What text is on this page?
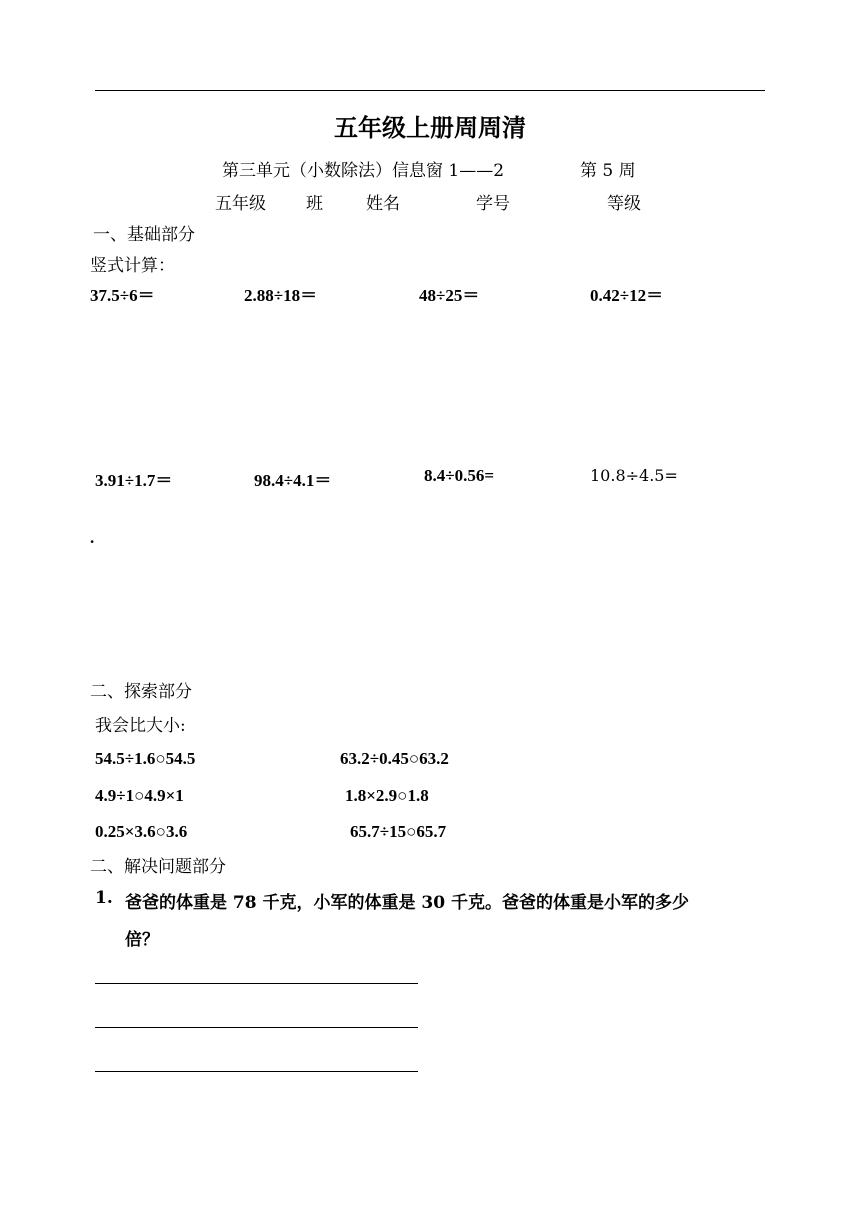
五年级上册周周清
第三单元（小数除法）信息窗 1——2	第 5 周
五年级 班	姓名	学号	等级
一、基础部分
竖式计算：
37.5÷6＝	2.88÷18＝	48÷25＝	0.42÷12＝
3.91÷1.7＝	98.4÷4.1＝	8.4÷0.56=	10.8÷4.5=
.
二、探索部分
我会比大小:
54.5÷1.6○54.5	63.2÷0.45○63.2
4.9÷1○4.9×1	1.8×2.9○1.8
0.25×3.6○3.6	65.7÷15○65.7
二、解决问题部分
1. 爸爸的体重是 78 千克，小军的体重是 30 千克。爸爸的体重是小军的多少
倍？
